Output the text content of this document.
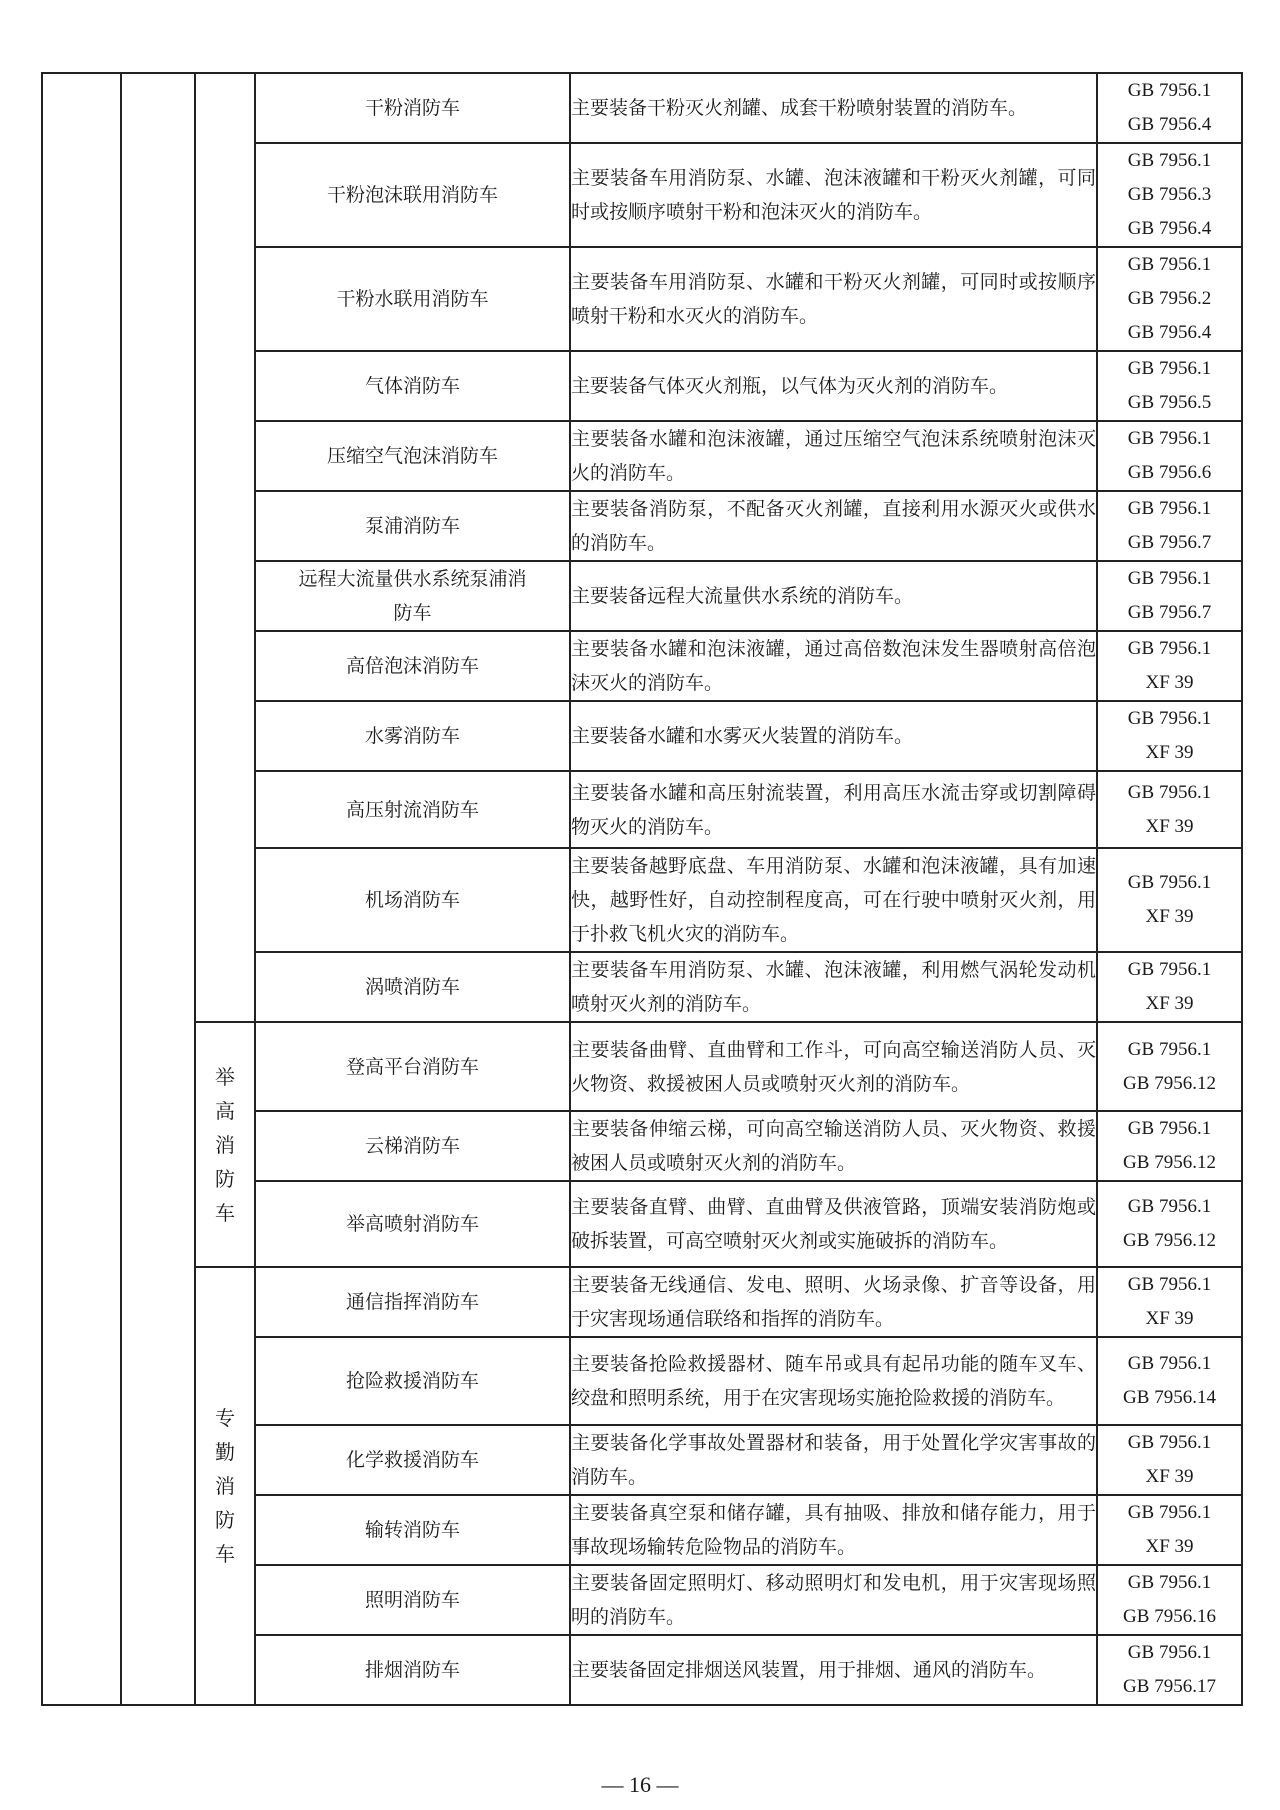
			干粉消防车	主要装备干粉灭火剂罐、成套干粉喷射装置的消防车。	GB 7956.1
GB 7956.4

			干粉泡沫联用消防车	主要装备车用消防泵、水罐、泡沫液罐和干粉灭火剂罐，可同时或按顺序喷射干粉和泡沫灭火的消防车。	GB 7956.1
GB 7956.3
GB 7956.4

			干粉水联用消防车	主要装备车用消防泵、水罐和干粉灭火剂罐，可同时或按顺序喷射干粉和水灭火的消防车。	GB 7956.1
GB 7956.2
GB 7956.4

			气体消防车	主要装备气体灭火剂瓶，以气体为灭火剂的消防车。	GB 7956.1
GB 7956.5

			压缩空气泡沫消防车	主要装备水罐和泡沫液罐，通过压缩空气泡沫系统喷射泡沫灭火的消防车。	GB 7956.1
GB 7956.6

			泵浦消防车	主要装备消防泵，不配备灭火剂罐，直接利用水源灭火或供水的消防车。	GB 7956.1
GB 7956.7

			远程大流量供水系统泵浦消防车	主要装备远程大流量供水系统的消防车。	GB 7956.1
GB 7956.7

			高倍泡沫消防车	主要装备水罐和泡沫液罐，通过高倍数泡沫发生器喷射高倍泡沫灭火的消防车。	GB 7956.1
XF 39

			水雾消防车	主要装备水罐和水雾灭火装置的消防车。	GB 7956.1
XF 39

			高压射流消防车	主要装备水罐和高压射流装置，利用高压水流击穿或切割障碍物灭火的消防车。	GB 7956.1
XF 39

			机场消防车	主要装备越野底盘、车用消防泵、水罐和泡沫液罐，具有加速快，越野性好，自动控制程度高，可在行驶中喷射灭火剂，用于扑救飞机火灾的消防车。	GB 7956.1
XF 39

			涡喷消防车	主要装备车用消防泵、水罐、泡沫液罐，利用燃气涡轮发动机喷射灭火剂的消防车。	GB 7956.1
XF 39

		举高消防车	登高平台消防车	主要装备曲臂、直曲臂和工作斗，可向高空输送消防人员、灭火物资、救援被困人员或喷射灭火剂的消防车。	GB 7956.1
GB 7956.12

			云梯消防车	主要装备伸缩云梯，可向高空输送消防人员、灭火物资、救援被困人员或喷射灭火剂的消防车。	GB 7956.1
GB 7956.12

			举高喷射消防车	主要装备直臂、曲臂、直曲臂及供液管路，顶端安装消防炮或破拆装置，可高空喷射灭火剂或实施破拆的消防车。	GB 7956.1
GB 7956.12

		专勤消防车	通信指挥消防车	主要装备无线通信、发电、照明、火场录像、扩音等设备，用于灾害现场通信联络和指挥的消防车。	GB 7956.1
XF 39

			抢险救援消防车	主要装备抢险救援器材、随车吊或具有起吊功能的随车叉车、绞盘和照明系统，用于在灾害现场实施抢险救援的消防车。	GB 7956.1
GB 7956.14

			化学救援消防车	主要装备化学事故处置器材和装备，用于处置化学灾害事故的消防车。	GB 7956.1
XF 39

			输转消防车	主要装备真空泵和储存罐，具有抽吸、排放和储存能力，用于事故现场输转危险物品的消防车。	GB 7956.1
XF 39

			照明消防车	主要装备固定照明灯、移动照明灯和发电机，用于灾害现场照明的消防车。	GB 7956.1
GB 7956.16

			排烟消防车	主要装备固定排烟送风装置，用于排烟、通风的消防车。	GB 7956.1
GB 7956.17
— 16 —
